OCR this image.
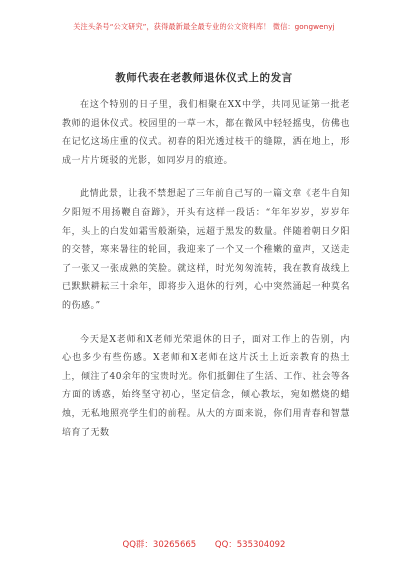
关注头条号“公文研究”，获得最新最全最专业的公文资料库！ 微信：gongwenyj
教师代表在老教师退休仪式上的发言

在这个特别的日子里，我们相聚在XX中学，共同见证第一批老教师的退休仪式。校园里的一草一木，都在微风中轻轻摇曳，仿佛也在记忆这场庄重的仪式。初春的阳光透过枝干的缝隙，洒在地上，形成一片片斑驳的光影，如同岁月的痕迹。

此情此景，让我不禁想起了三年前自己写的一篇文章《老牛自知夕阳短不用扬鞭自奋蹄》，开头有这样一段话：“年年岁岁，岁岁年年，头上的白发如霜雪般渐染，远超于黑发的数量。伴随着朝日夕阳的交替，寒来暑往的轮回，我迎来了一个又一个稚嫩的童声，又送走了一张又一张成熟的笑脸。就这样，时光匆匆流转，我在教育战线上已默默耕耘三十余年，即将步入退休的行列，心中突然涌起一种莫名的伤感。”

今天是X老师和X老师光荣退休的日子，面对工作上的告别，内心也多少有些伤感。X老师和X老师在这片沃土上近亲教育的热土上，倾注了40余年的宝贵时光。你们抵御住了生活、工作、社会等各方面的诱惑，始终坚守初心，坚定信念，倾心教坛，宛如燃烧的蜡烛，无私地照亮学生们的前程。从大的方面来说，你们用青春和智慧培育了无数

QQ群：30265665 QQ：535304092
